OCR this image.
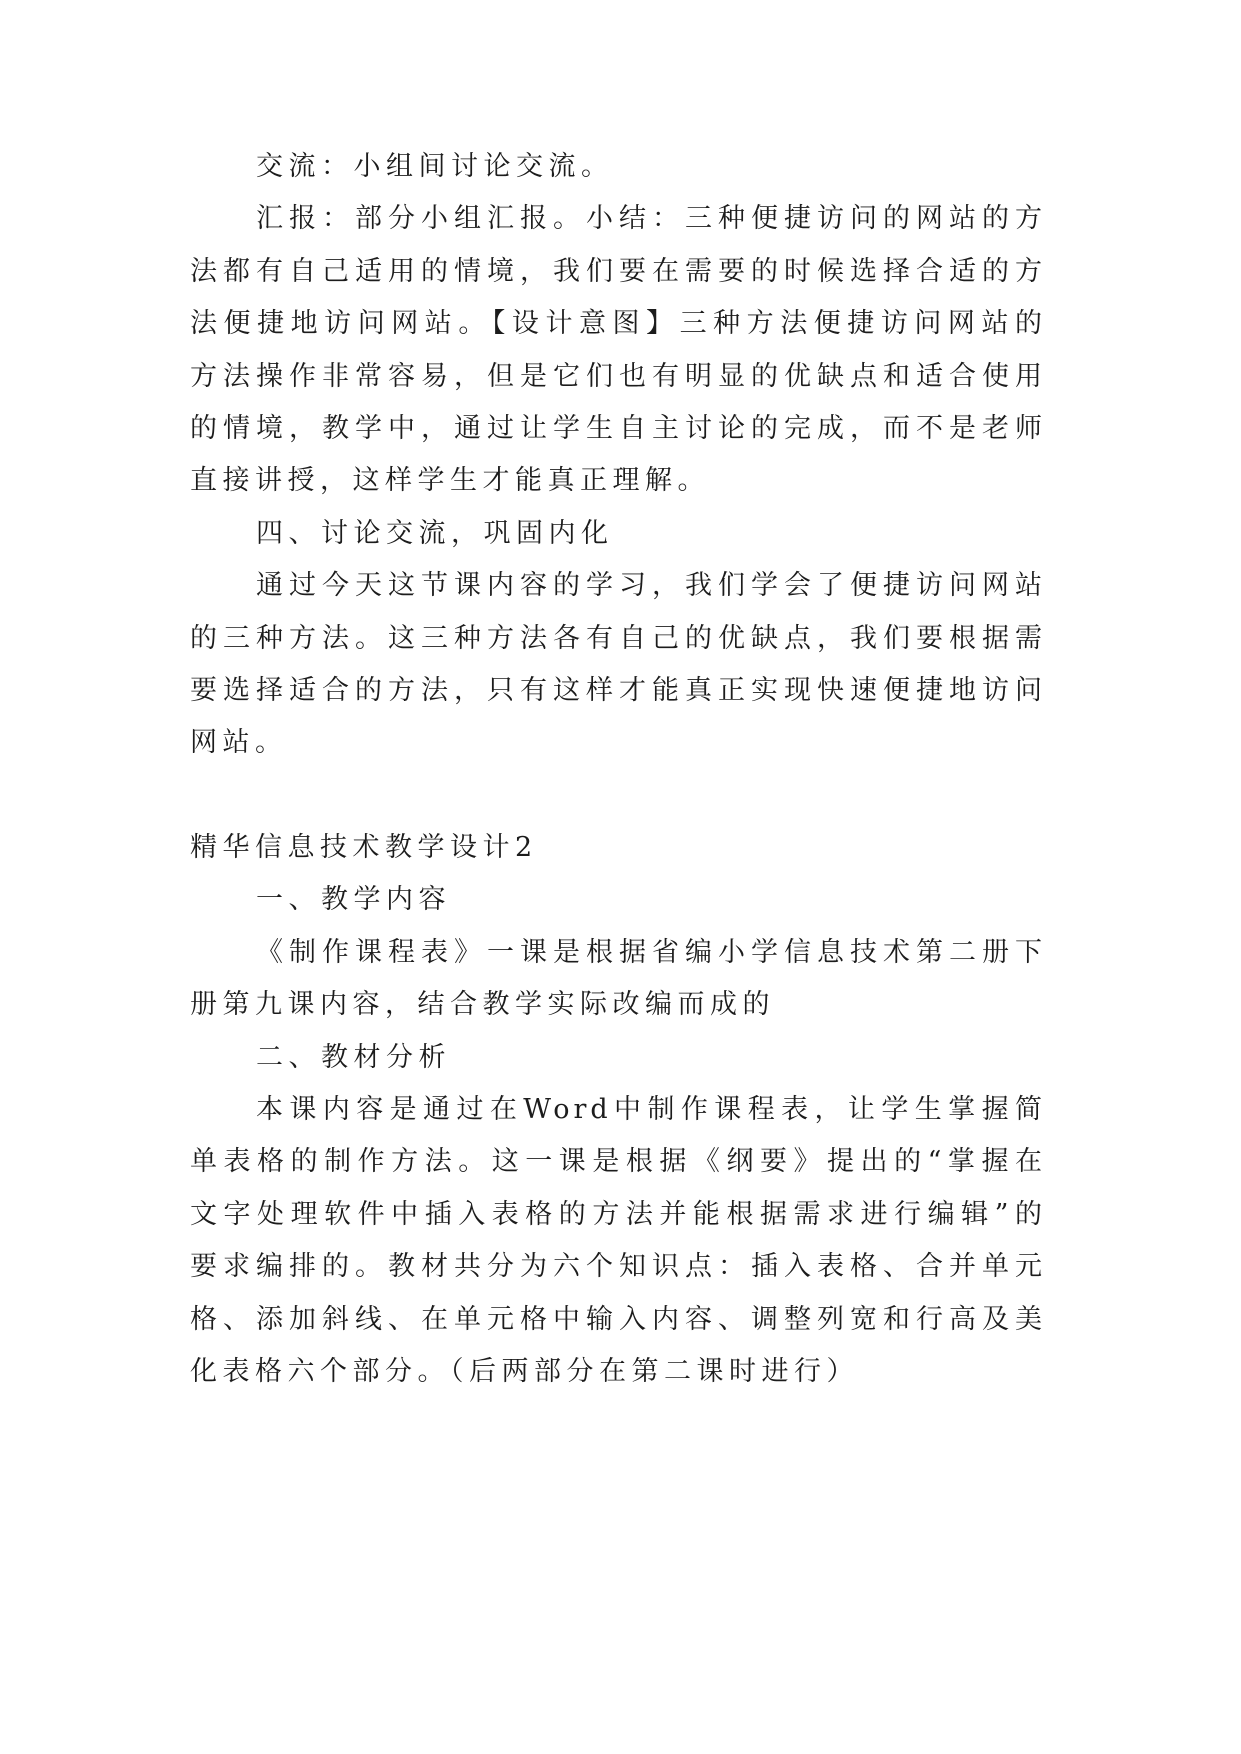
交流：小组间讨论交流。
汇报：部分小组汇报。小结：三种便捷访问的网站的方
法都有自己适用的情境，我们要在需要的时候选择合适的方
法便捷地访问网站。【设计意图】三种方法便捷访问网站的
方法操作非常容易，但是它们也有明显的优缺点和适合使用
的情境，教学中，通过让学生自主讨论的完成，而不是老师
直接讲授，这样学生才能真正理解。
四、讨论交流，巩固内化
通过今天这节课内容的学习，我们学会了便捷访问网站
的三种方法。这三种方法各有自己的优缺点，我们要根据需
要选择适合的方法，只有这样才能真正实现快速便捷地访问
网站。
精华信息技术教学设计2
一、教学内容
《制作课程表》一课是根据省编小学信息技术第二册下
册第九课内容，结合教学实际改编而成的
二、教材分析
本课内容是通过在Word中制作课程表，让学生掌握简
单表格的制作方法。这一课是根据《纲要》提出的“掌握在
文字处理软件中插入表格的方法并能根据需求进行编辑”的
要求编排的。教材共分为六个知识点：插入表格、合并单元
格、添加斜线、在单元格中输入内容、调整列宽和行高及美
化表格六个部分。（后两部分在第二课时进行）
